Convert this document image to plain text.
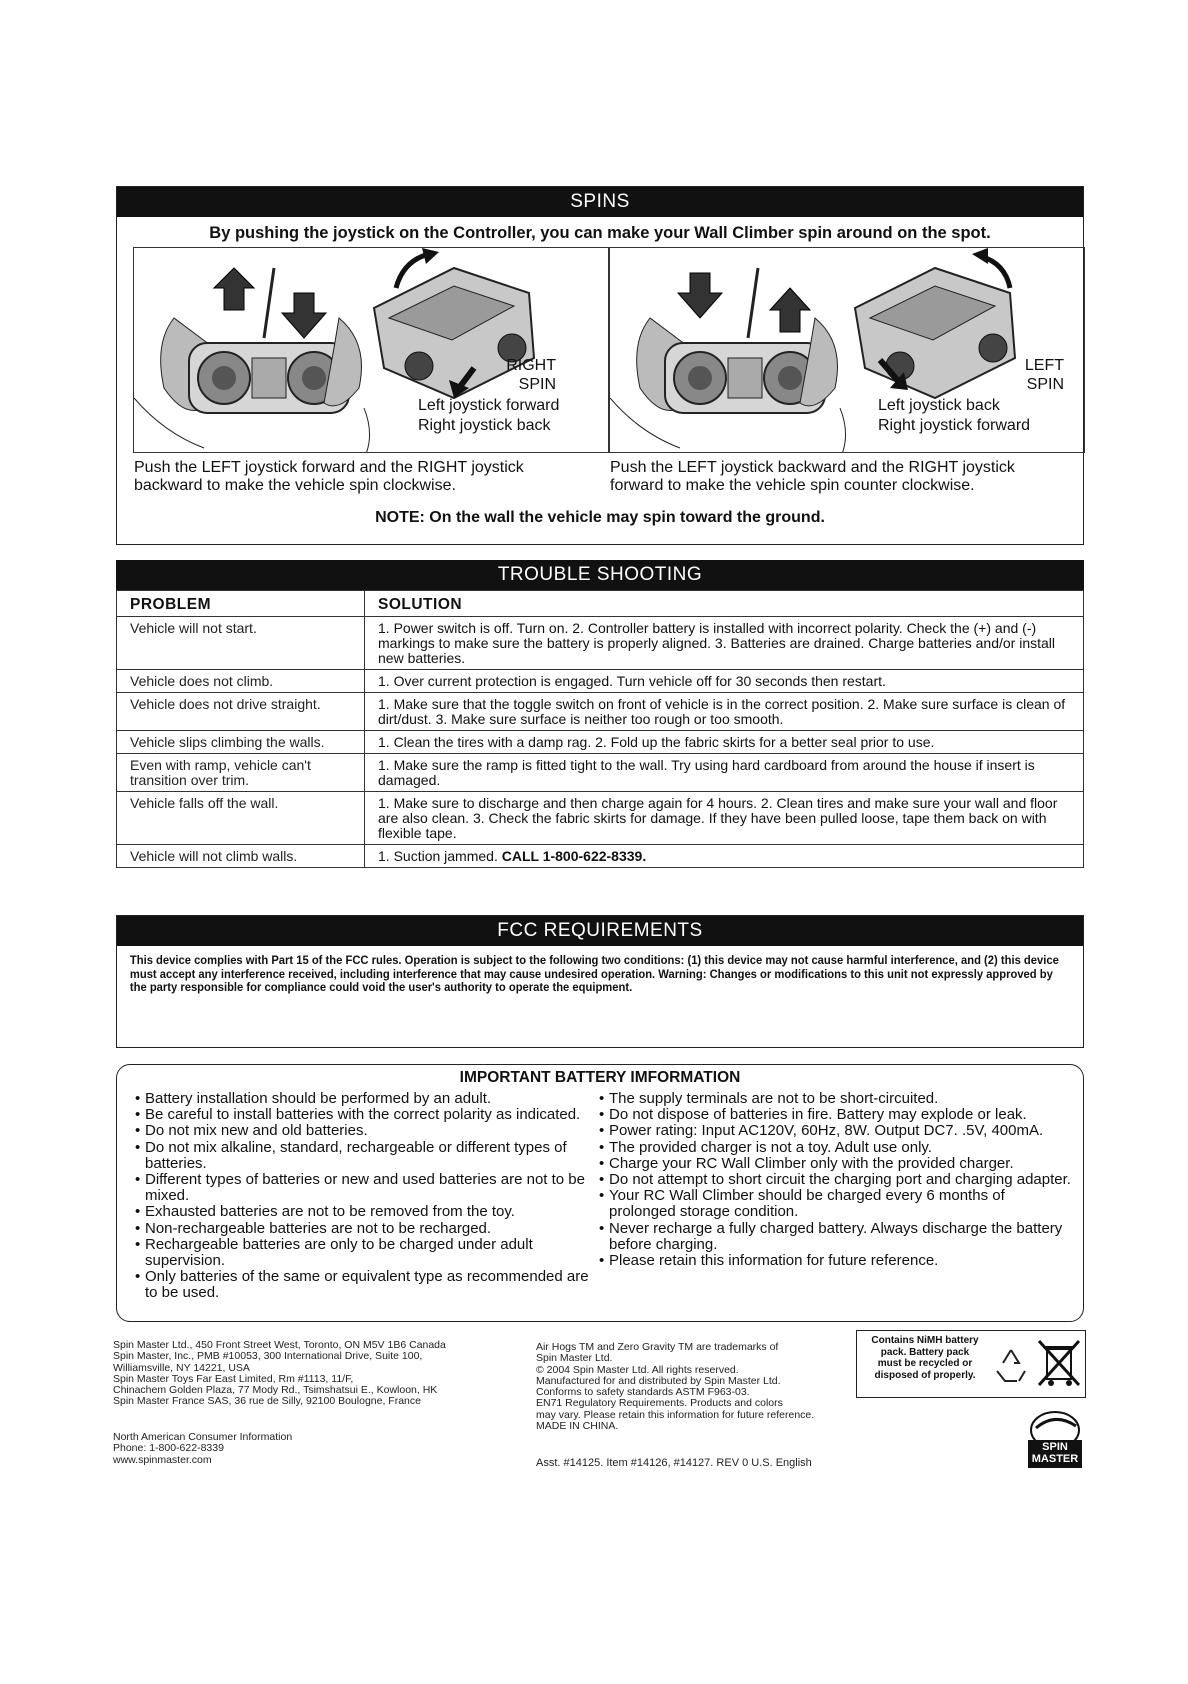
SPINS
By pushing the joystick on the Controller, you can make your Wall Climber spin around on the spot.
RIGHT
SPIN
Left joystick forward
Right joystick back
LEFT
SPIN
Left joystick back
Right joystick forward
Push the LEFT joystick forward and the RIGHT joystick
backward to make the vehicle spin clockwise.
Push the LEFT joystick backward and the RIGHT joystick
forward to make the vehicle spin counter clockwise.
NOTE: On the wall the vehicle may spin toward the ground.
TROUBLE SHOOTING
PROBLEM	SOLUTION
Vehicle will not start.	1. Power switch is off. Turn on. 2. Controller battery is installed with incorrect polarity. Check the (+) and (-) markings to make sure the battery is properly aligned. 3. Batteries are drained. Charge batteries and/or install new batteries.
Vehicle does not climb.	1. Over current protection is engaged. Turn vehicle off for 30 seconds then restart.
Vehicle does not drive straight.	1. Make sure that the toggle switch on front of vehicle is in the correct position. 2. Make sure surface is clean of dirt/dust. 3. Make sure surface is neither too rough or too smooth.
Vehicle slips climbing the walls.	1. Clean the tires with a damp rag. 2. Fold up the fabric skirts for a better seal prior to use.
Even with ramp, vehicle can't transition over trim.	1. Make sure the ramp is fitted tight to the wall. Try using hard cardboard from around the house if insert is damaged.
Vehicle falls off the wall.	1. Make sure to discharge and then charge again for 4 hours. 2. Clean tires and make sure your wall and floor are also clean. 3. Check the fabric skirts for damage. If they have been pulled loose, tape them back on with flexible tape.
Vehicle will not climb walls.	1. Suction jammed. CALL 1-800-622-8339.
FCC REQUIREMENTS
This device complies with Part 15 of the FCC rules. Operation is subject to the following two conditions: (1) this device may not cause harmful interference, and (2) this device must accept any interference received, including interference that may cause undesired operation. Warning: Changes or modifications to this unit not expressly approved by the party responsible for compliance could void the user's authority to operate the equipment.
IMPORTANT BATTERY IMFORMATION
• Battery installation should be performed by an adult.
• Be careful to install batteries with the correct polarity as indicated.
• Do not mix new and old batteries.
• Do not mix alkaline, standard, rechargeable or different types of batteries.
• Different types of batteries or new and used batteries are not to be mixed.
• Exhausted batteries are not to be removed from the toy.
• Non-rechargeable batteries are not to be recharged.
• Rechargeable batteries are only to be charged under adult supervision.
• Only batteries of the same or equivalent type as recommended are to be used.
• The supply terminals are not to be short-circuited.
• Do not dispose of batteries in fire. Battery may explode or leak.
• Power rating: Input AC120V, 60Hz, 8W. Output DC7. .5V, 400mA.
• The provided charger is not a toy. Adult use only.
• Charge your RC Wall Climber only with the provided charger.
• Do not attempt to short circuit the charging port and charging adapter.
• Your RC Wall Climber should be charged every 6 months of prolonged storage condition.
• Never recharge a fully charged battery. Always discharge the battery before charging.
• Please retain this information for future reference.
Spin Master Ltd., 450 Front Street West, Toronto, ON M5V 1B6 Canada
Spin Master, Inc., PMB #10053, 300 International Drive, Suite 100,
Williamsville, NY 14221, USA
Spin Master Toys Far East Limited, Rm #1113, 11/F,
Chinachem Golden Plaza, 77 Mody Rd., Tsimshatsui E., Kowloon, HK
Spin Master France SAS, 36 rue de Silly, 92100 Boulogne, France
North American Consumer Information
Phone: 1-800-622-8339
www.spinmaster.com
Air Hogs TM and Zero Gravity TM are trademarks of
Spin Master Ltd.
© 2004 Spin Master Ltd. All rights reserved.
Manufactured for and distributed by Spin Master Ltd.
Conforms to safety standards ASTM F963-03.
EN71 Regulatory Requirements. Products and colors
may vary. Please retain this information for future reference.
MADE IN CHINA.
Asst. #14125. Item #14126, #14127. REV 0 U.S. English
Contains NiMH battery
pack. Battery pack
must be recycled or
disposed of properly.
SPIN
MASTER
